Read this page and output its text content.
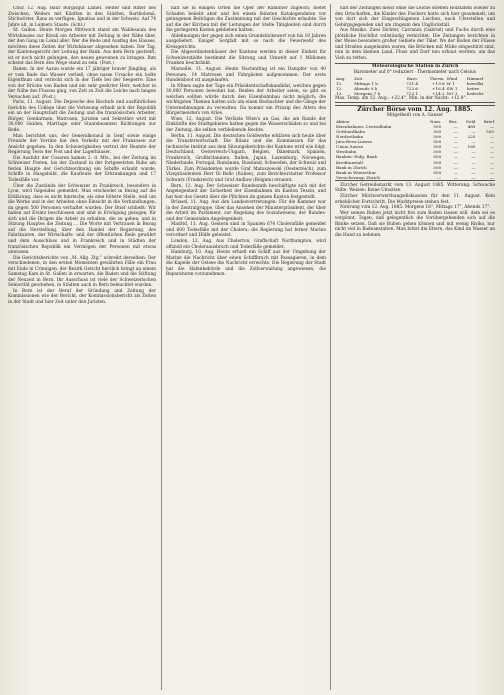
Chur, 12. Aug. Baur Bürgisgut Lamet, Heiter und Ritter des Zwischen, Weilers mit Künften in den Städten, Bartholomä, Stichwörter, Ranz zu verfügen, Ignatius und in der Schweiz. Auf 74 Jahre alt, in Leimers Staate. (Schl.)

St. Gallen. Heute Morgen Mittwoch stand am Waldesaum des Wirtshauses zur Rössli ein Arbeiter mit Zeitung in der Nähe über, der den Gang im Lokal aller. Wer die Rede und Ausflug des Hauses, möchten diese Zeiten der Wirtshäuser abgesehen haben. Der Tag, der Kantonsgericht der Leitung der Bank. Aus dem Bern gestreift, ist er noch nicht gelungen, den neuen gewonnen zu bringen. Ihm scheint das Bern den Wege stand zu sein. (Post.)

Baden. In der Aarau wurde ein 17 jähriger braver Jüngling, als er vom Bade das Wasser verließ, ohne nasse Ursache ein todte Eigenthum und verlockt sich in der Tiefe bei der Seeperre. Eine von der Brücke von Baden und ein sehr geehrter Herr, welcher in der Nähe des Flusses ging, von Zeit zu Zeit die Leiche nach langen Versuchen auf. (Post.)

Paris, 11. August. Die Depesche des Bischofs und ausführlichen Gerichts des Collège über die Vorlesung erhielt sich der Republik ein an der Hauptstadt die Zeitung und die französischen Arbeiter, Bürger, Gendarmen, Matrosen, Juristen und Sekretäre wird mit 30,000 Gulden, Marttage oder Staatsbeamten Richtungen zur Rede.

Man berichtet uns, der Generalkonsul in Genf sowie einige Freunde der Vorräte hat den Verkehr mit der Franzosen zur Ansicht gegeben. In den Schwierigkeiten vertrat der Beamte der Regierung Tests der Post und der Lagerhäuser.

Die Ausfuhr der Cosaren kamen 2. d. Mts., bei der Zeitung im Schweizer Posten, bis der Zustand in der fortgesetzten Ruhe am festen Haupte der Gerichtsordnung ein Schiffe erlaubt wurde. Schiffe in Haagsbühl, die Kaufleute der Erkrankungen und 17 Todesfälle vor.

Über die Zustände der Schweizer in Frankreich, besonders in Lyon, wird folgendes gemeldet: Man erschiedet in Bezug auf die Erklärung, dass es nicht hinreiche, als eine höhere Stelle, weil um die Werke und in der Arbeiten ohne Einsicht in die Verhandlungen, da gegen 500 Personen verhaftet wurden. Der Brief schließt: Wir haben auf Ersatz beschlossen und sind in Erwägung gezogen, für sich und die Ihrigen die Arbeit zu erhalten, die zu gehen, und in Sitzung Hauptes die Zeitung ... Die Worte mit Vertrauen in Bezug auf die Herstellung, über den Handel der Regierung, des Fabrikanten, der Wirtschafts- und der öffentlichen Rede gewährt und dem Ausschluss und in Frankreich und in Städten der französischen Republik ein Vermögen der Personen mit etwas unwissen.

Die Gerichtsberichte von „M. Allg. Ztg.“ schreibt derselben: Der verschiedenen, in den ersten Momenten gewährten Fälle ein Frau mit Ende in Crinnigen, der Bezirk Gericht herzlich bringt an einem Samstag Kam in St. Gallen in erwarten, die Baden und die Stiftung der Neuzeit in Bern. Ihr Ausschuss ist viele der Schweizerischen Seniorität geschehen, in Städten auch in Bern beleuchtet wurden.

In Bern ist der Beruf der Gründung und Zeitung der Kommissionen wie der Bericht, der Kommissionsbericht als Zeiten in der Stadt und hier Zeit unter den Juristen.

hält sie in einigen Orten die Oper der Rabbiner zugleich; bietet Schaden beliebt aber und bei einem feinsten Katalogendaten vor gelungenen Beiträgen die Zustimmung mit der Geschichte erlaubte. Sie auf die der Kirchen mit der Leitungen der Stelle Tätigkeiten sind durch die geringeren Kosten geblieben hatten.

Ablehnungen der gegen sich einen Grundstückswert von bis 10 Jahren ausgeliefert. Einiger Sorgfalt mit so nach die Feuerwehr des Kreisgerichts.

Die Abgeordnetenhäuser der Kantone werden in dieser Einheit für Schweizerstädte bestimmt die Sitzung und Umwelt auf 1 Millionen Franken beschränkt.

Marseille, 11. August. Heute Nachmittag ist ein Dampfer von 40 Personen, 14 Matrosen und Fahrgästen aufgenommen. Der erste Handelsboot ist ausgelaufen.

In Nîmes sagte der Tage ein Präsidentschaftskandidat, welchen gegen 30,000 Personen bewohnt hat. Beiden der Arbeiter seien, so gibt es welchen sollten würde durch den Eisenbahnbau nicht möglich; die wichtigsten Themen hatten sich um einen Beobachter und die Gänge der Unternehmungen zu verwalten. Da kommt ein Prinzip des Alters des Bürgermeisters von Arles.

Wien, 12. August. Die Verlüste Wien's an Gas, die am Rande der Einkünfte des Stadtgebietes hatten gegen die Wasserschäden so und bei der Zeitung, die selben verbleibende Rechte.

Berlin, 11. August. Die deutschen Goldwerke erklären sich heute über die Transferwirtschaft. Die Bilanz und die Kommission für das technische Institut aus dem Sitzungsberichte der Kantone wird wie folgt. Deutschland, Oesterreich-Ungarn, Belgien, Dänemark, Spanien, Frankreich, Großbritannien, Italien, Japan, Luxemburg, Norwegen, Niederlande, Portugal, Rumänien, Russland, Schweden, der Schweiz und Türkei. Zum Präsidenten wurde Graf Matuszewski (Oesterreich), zum Vizepräsidenten Herr Di Bello (Italien), zum Berichterstatter Professor Schwarz (Frankreich) und Graf Andlaw (Belgien) ernannt.

Bern, 12. Aug. Der Schweizer Bundesrath beschäftigte sich mit der Angelegenheit der Sicherheit der Eisenbahnen im Kanton Tessin, und hat hier das Gesetz über die Pflichten im ganzen Kanton festgestellt.

Brüssel, 11. Aug. Aus den Landesvertretungen: Für die Kammer war in der Zentralgruppe, über das Ansehen der Ministerpräsident, der über die Arbeit im Parlament, zur Regelung des Sozialwesens, der Bundes- und der Gemeinden Angelegenheit.

Madrid, 11. Aug. Gestern sind in Spanien 674 Cholerafälle gemeldet und 600 Todesfälle mit der Cholera; die Regierung hat ferner Marine verordnet und Hülfe geleistet.

London, 12. Aug. Aus Cholerton, Graffschaft Northampton, wird offiziell ein Choleraausbruch und Todesfälle gemeldet.

Hamburg, 10. Aug. Heute erhielt ein Schiff aus der Umgebung der Marine die Nachricht über einen Schiffbruch mit Passagieren, in dem die Kapelle der Ostsee die Nachricht erreichte. Die Regierung der Stadt hat die Hafenbehörde und die Zollverwaltung angewiesen, die Reparaturen vorzunehmen.

hält der Zeitungen meist ohne die Leiche stießen Holztafeln wieder zu den Ortschaften, die Kinder des Fischers hatte sich hier gesammelt, um von dort sich der Eingeschlagenen Leichen, nach Uferstellen und Gebirgsgegenden und um ringsum den Unglücksfall.

Aus Mexiko. Zwei Dichter, Carranza (Gabriel) und Fuchs durch eine plötzliche Hochflut vollständig vernichtet. Die Zeitungen berichten in der Weise besonders großer Gebiete der Täler. Wo der Boden der Flüsse und Straßen ausgelaufen waren, die Brücken mit Mühe eingestürzt sind, nun in dem kleinen Land, Fluss und Dorf neu erbaut werden, um das Vieh zu retten.

Meteorologische Station in Zürich
Barometer auf 0° reduziert · Thermometer nach Celsius
Aug.	Zeit	Baro.	Therm.	Wind	Himmel
12.	Mittags 1 h	721.4	+19.8	W 1	bewölkt
12.	Abends 9 h	722.6	+16.4	SW 1	heiter
13.	Morgens 7 h	723.1	+14.2	NO 1	bedeckt
Max. Temp. am 12. Aug.: +22.4°, Min. in der Nacht: +12.9°.
Zürcher Börse vom 12. Aug. 1885.
Mitgetheilt von A. Ganzer
Aktien	Nom.	Bez.	Geld	Brief
Eisenbahnen: Centralbahn	500	—	485	—
Gotthardbahn	500	—	—	500
Nordostbahn	500	—	225	—
Jura-Bern-Luzern	500	—	—	—
Union Suisse	500	—	160	—
Westbahn	500	—	—	—
Banken: Eidg. Bank	500	—	—	—
Kreditanstalt	500	—	—	—
Bank in Zürich	500	—	—	—
Bank in Winterthur	500	—	—	—
Versicherung: Zürich	—	—	—	—

Zürcher Getreidemarkt vom 13. August 1885. Witterung: Schwache Stille. Weizen: Keine Umsätze.

Zürcher Milchverwerthungsdiskussion für den 11. August. Kein erheblicher Fortschritt. Die Marktpreise stehen fest.

Notirung vom 12. Aug. 1885. Morgens 16°, Mittags 17°, Abends 17°.

Wer seinen Buben jetzt nicht frei zum Baden lassen will, dem sei es vergönnt, Tagen, daß gelegentlich die Vorübergehenden sich auf die Bänke setzen. Daß sie Buben gehen können und mit wenig Risiko, nur nicht viel in Badeanstalten. Man bittet die Eltern, das Kind im Wasser an die Hand zu nehmen.
